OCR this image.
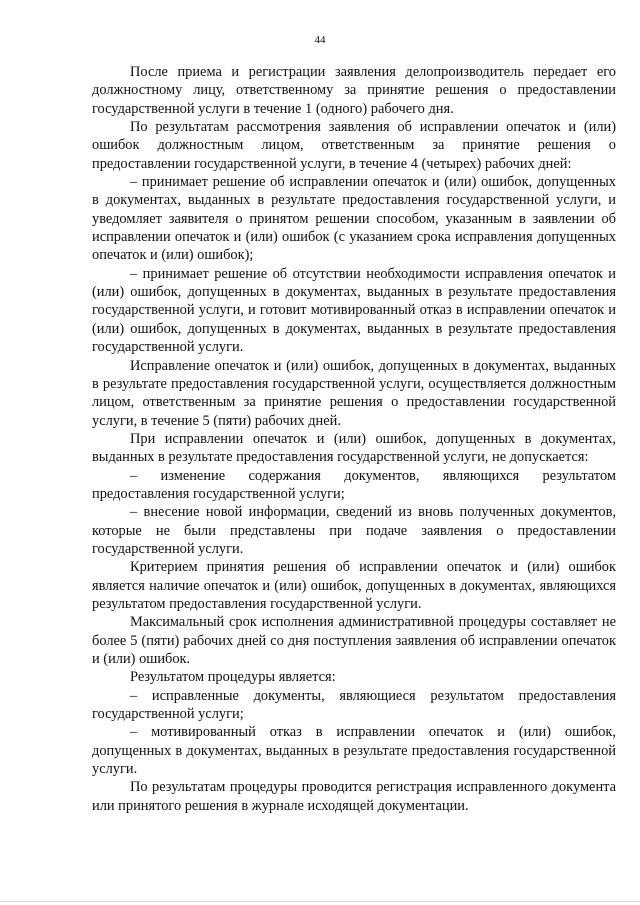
44

После приема и регистрации заявления делопроизводитель передает его должностному лицу, ответственному за принятие решения о предоставлении государственной услуги в течение 1 (одного) рабочего дня.

По результатам рассмотрения заявления об исправлении опечаток и (или) ошибок должностным лицом, ответственным за принятие решения о предоставлении государственной услуги, в течение 4 (четырех) рабочих дней:

– принимает решение об исправлении опечаток и (или) ошибок, допущенных в документах, выданных в результате предоставления государственной услуги, и уведомляет заявителя о принятом решении способом, указанным в заявлении об исправлении опечаток и (или) ошибок (с указанием срока исправления допущенных опечаток и (или) ошибок);

– принимает решение об отсутствии необходимости исправления опечаток и (или) ошибок, допущенных в документах, выданных в результате предоставления государственной услуги, и готовит мотивированный отказ в исправлении опечаток и (или) ошибок, допущенных в документах, выданных в результате предоставления государственной услуги.

Исправление опечаток и (или) ошибок, допущенных в документах, выданных в результате предоставления государственной услуги, осуществляется должностным лицом, ответственным за принятие решения о предоставлении государственной услуги, в течение 5 (пяти) рабочих дней.

При исправлении опечаток и (или) ошибок, допущенных в документах, выданных в результате предоставления государственной услуги, не допускается:

– изменение содержания документов, являющихся результатом предоставления государственной услуги;

– внесение новой информации, сведений из вновь полученных документов, которые не были представлены при подаче заявления о предоставлении государственной услуги.

Критерием принятия решения об исправлении опечаток и (или) ошибок является наличие опечаток и (или) ошибок, допущенных в документах, являющихся результатом предоставления государственной услуги.

Максимальный срок исполнения административной процедуры составляет не более 5 (пяти) рабочих дней со дня поступления заявления об исправлении опечаток и (или) ошибок.

Результатом процедуры является:

– исправленные документы, являющиеся результатом предоставления государственной услуги;

– мотивированный отказ в исправлении опечаток и (или) ошибок, допущенных в документах, выданных в результате предоставления государственной услуги.

По результатам процедуры проводится регистрация исправленного документа или принятого решения в журнале исходящей документации.
